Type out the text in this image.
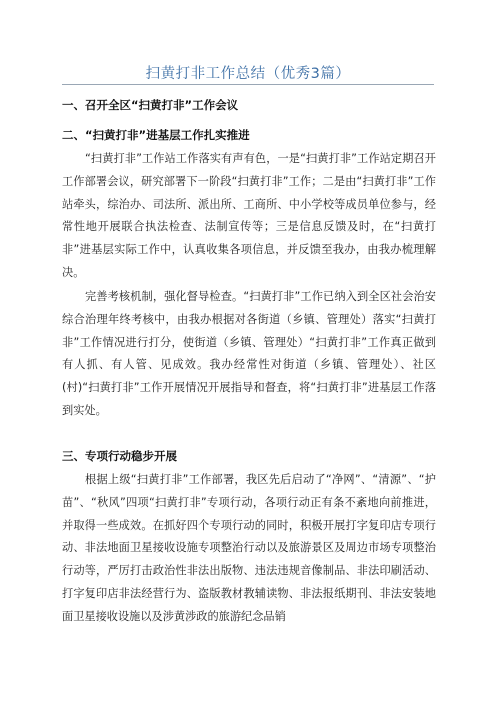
扫黄打非工作总结（优秀3篇）
一、召开全区“扫黄打非”工作会议
二、“扫黄打非”进基层工作扎实推进

“扫黄打非”工作站工作落实有声有色，一是“扫黄打非”工作站定期召开工作部署会议，研究部署下一阶段“扫黄打非”工作；二是由“扫黄打非”工作站牵头，综治办、司法所、派出所、工商所、中小学校等成员单位参与，经常性地开展联合执法检查、法制宣传等；三是信息反馈及时，在“扫黄打非”进基层实际工作中，认真收集各项信息，并反馈至我办，由我办梳理解决。

完善考核机制，强化督导检查。“扫黄打非”工作已纳入到全区社会治安综合治理年终考核中，由我办根据对各街道（乡镇、管理处）落实“扫黄打非”工作情况进行打分，使街道（乡镇、管理处）“扫黄打非”工作真正做到有人抓、有人管、见成效。我办经常性对街道（乡镇、管理处）、社区(村)“扫黄打非”工作开展情况开展指导和督查，将“扫黄打非”进基层工作落到实处。

三、专项行动稳步开展

根据上级“扫黄打非”工作部署，我区先后启动了“净网”、“清源”、“护苗”、“秋风”四项“扫黄打非”专项行动，各项行动正有条不紊地向前推进，并取得一些成效。在抓好四个专项行动的同时，积极开展打字复印店专项行动、非法地面卫星接收设施专项整治行动以及旅游景区及周边市场专项整治行动等，严厉打击政治性非法出版物、违法违规音像制品、非法印刷活动、打字复印店非法经营行为、盗版教材教辅读物、非法报纸期刊、非法安装地面卫星接收设施以及涉黄涉政的旅游纪念品销
